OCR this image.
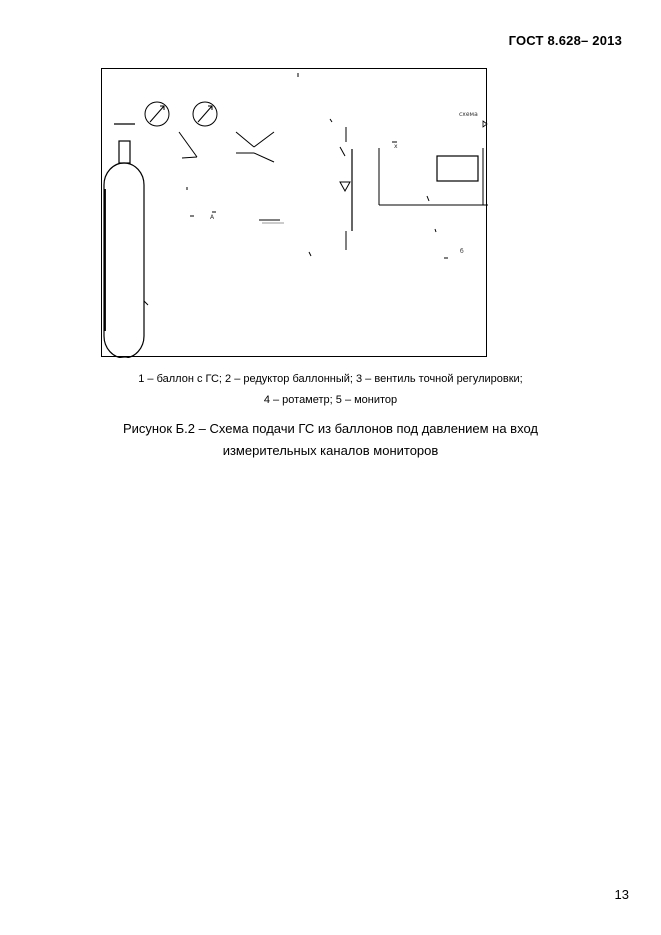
ГОСТ 8.628– 2013
x
схема
А
б
1 – баллон с ГС; 2 – редуктор баллонный; 3 – вентиль точной регулировки;
4 – ротаметр; 5 – монитор
Рисунок Б.2 – Схема подачи ГС из баллонов под давлением на вход
измерительных каналов мониторов
13
